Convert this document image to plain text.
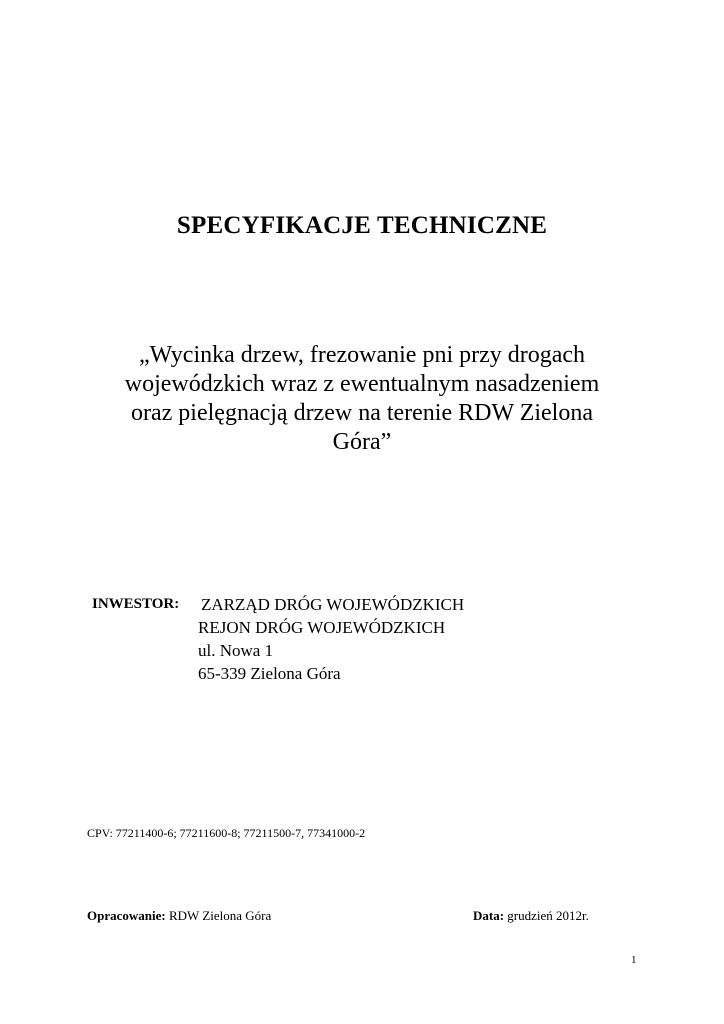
SPECYFIKACJE TECHNICZNE
„Wycinka drzew, frezowanie pni przy drogach
wojewódzkich wraz z ewentualnym nasadzeniem
oraz pielęgnacją drzew na terenie RDW Zielona
Góra”
INWESTOR: ZARZĄD DRÓG WOJEWÓDZKICH
REJON DRÓG WOJEWÓDZKICH
ul. Nowa 1
65-339 Zielona Góra
CPV: 77211400-6; 77211600-8; 77211500-7, 77341000-2
Opracowanie: RDW Zielona Góra	Data: grudzień 2012r.
1
